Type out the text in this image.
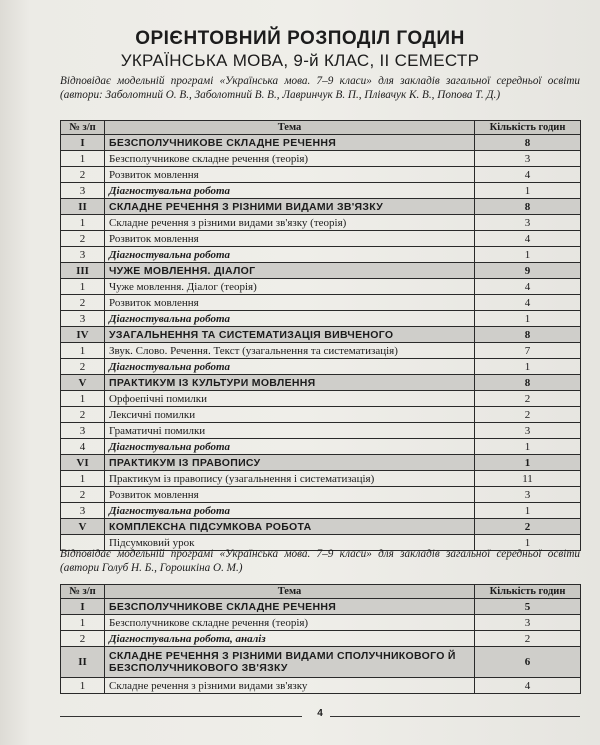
ОРІЄНТОВНИЙ РОЗПОДІЛ ГОДИН
УКРАЇНСЬКА МОВА, 9-й КЛАС, ІІ СЕМЕСТР
Відповідає модельній програмі «Українська мова. 7–9 класи» для закладів загальної середньої освіти (автори: Заболотний О. В., Заболотний В. В., Лавринчук В. П., Плівачук К. В., Попова Т. Д.)
№ з/п	Тема	Кількість годин
I	БЕЗСПОЛУЧНИКОВЕ СКЛАДНЕ РЕЧЕННЯ	8
1	Безсполучникове складне речення (теорія)	3
2	Розвиток мовлення	4
3	Діагностувальна робота	1
II	СКЛАДНЕ РЕЧЕННЯ З РІЗНИМИ ВИДАМИ ЗВ'ЯЗКУ	8
1	Складне речення з різними видами зв'язку (теорія)	3
2	Розвиток мовлення	4
3	Діагностувальна робота	1
III	ЧУЖЕ МОВЛЕННЯ. ДІАЛОГ	9
1	Чуже мовлення. Діалог (теорія)	4
2	Розвиток мовлення	4
3	Діагностувальна робота	1
IV	УЗАГАЛЬНЕННЯ ТА СИСТЕМАТИЗАЦІЯ ВИВЧЕНОГО	8
1	Звук. Слово. Речення. Текст (узагальнення та систематизація)	7
2	Діагностувальна робота	1
V	ПРАКТИКУМ ІЗ КУЛЬТУРИ МОВЛЕННЯ	8
1	Орфоепічні помилки	2
2	Лексичні помилки	2
3	Граматичні помилки	3
4	Діагностувальна робота	1
VI	ПРАКТИКУМ ІЗ ПРАВОПИСУ	1
1	Практикум із правопису (узагальнення і систематизація)	11
2	Розвиток мовлення	3
3	Діагностувальна робота	1
V	КОМПЛЕКСНА ПІДСУМКОВА РОБОТА	2
	Підсумковий урок	1
Відповідає модельній програмі «Українська мова. 7–9 класи» для закладів загальної середньої освіти (автори Голуб Н. Б., Горошкіна О. М.)
№ з/п	Тема	Кількість годин
I	БЕЗСПОЛУЧНИКОВЕ СКЛАДНЕ РЕЧЕННЯ	5
1	Безсполучникове складне речення (теорія)	3
2	Діагностувальна робота, аналіз	2
II	СКЛАДНЕ РЕЧЕННЯ З РІЗНИМИ ВИДАМИ СПОЛУЧНИКОВОГО Й БЕЗСПОЛУЧНИКОВОГО ЗВ'ЯЗКУ	6
1	Складне речення з різними видами зв'язку	4
4
